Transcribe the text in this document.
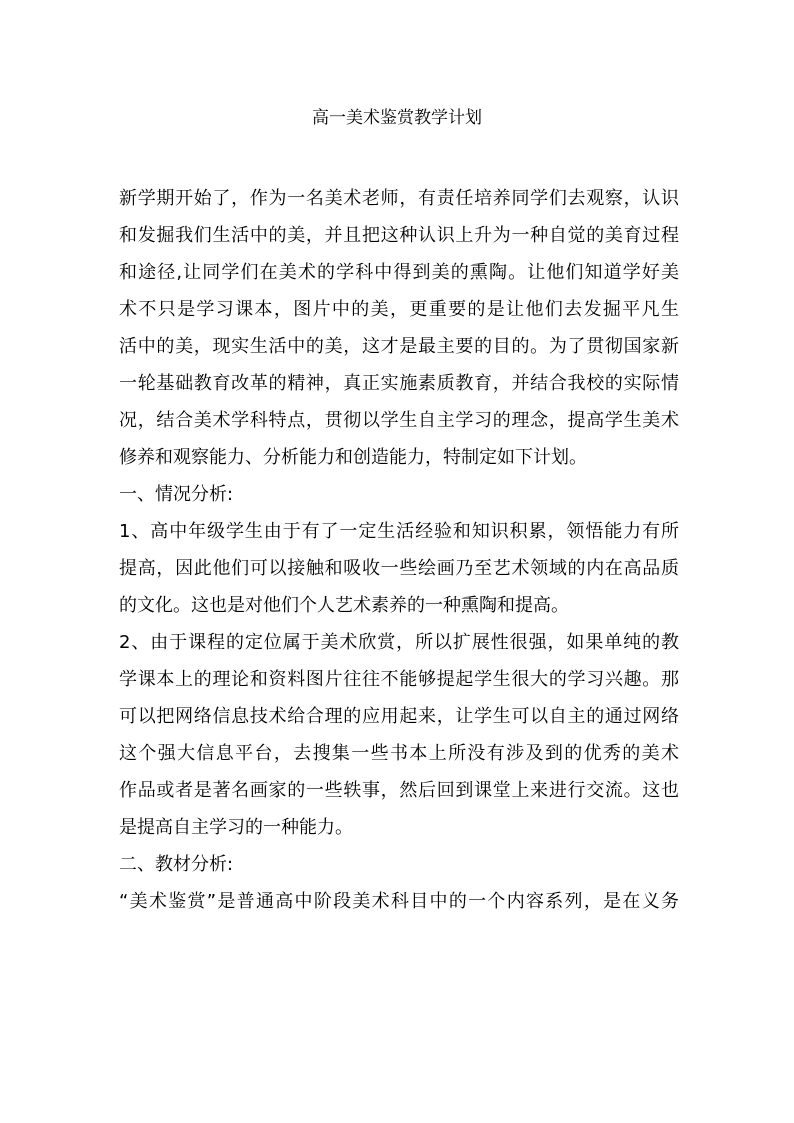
高一美术鉴赏教学计划
新学期开始了，作为一名美术老师，有责任培养同学们去观察，认识
和发掘我们生活中的美，并且把这种认识上升为一种自觉的美育过程
和途径,让同学们在美术的学科中得到美的熏陶。让他们知道学好美
术不只是学习课本，图片中的美，更重要的是让他们去发掘平凡生
活中的美，现实生活中的美，这才是最主要的目的。为了贯彻国家新
一轮基础教育改革的精神，真正实施素质教育，并结合我校的实际情
况，结合美术学科特点，贯彻以学生自主学习的理念，提高学生美术
修养和观察能力、分析能力和创造能力，特制定如下计划。
一、情况分析:
1、高中年级学生由于有了一定生活经验和知识积累，领悟能力有所
提高，因此他们可以接触和吸收一些绘画乃至艺术领域的内在高品质
的文化。这也是对他们个人艺术素养的一种熏陶和提高。
2、由于课程的定位属于美术欣赏，所以扩展性很强，如果单纯的教
学课本上的理论和资料图片往往不能够提起学生很大的学习兴趣。那
可以把网络信息技术给合理的应用起来，让学生可以自主的通过网络
这个强大信息平台，去搜集一些书本上所没有涉及到的优秀的美术
作品或者是著名画家的一些轶事，然后回到课堂上来进行交流。这也
是提高自主学习的一种能力。
二、教材分析:
“美术鉴赏”是普通高中阶段美术科目中的一个内容系列，是在义务
